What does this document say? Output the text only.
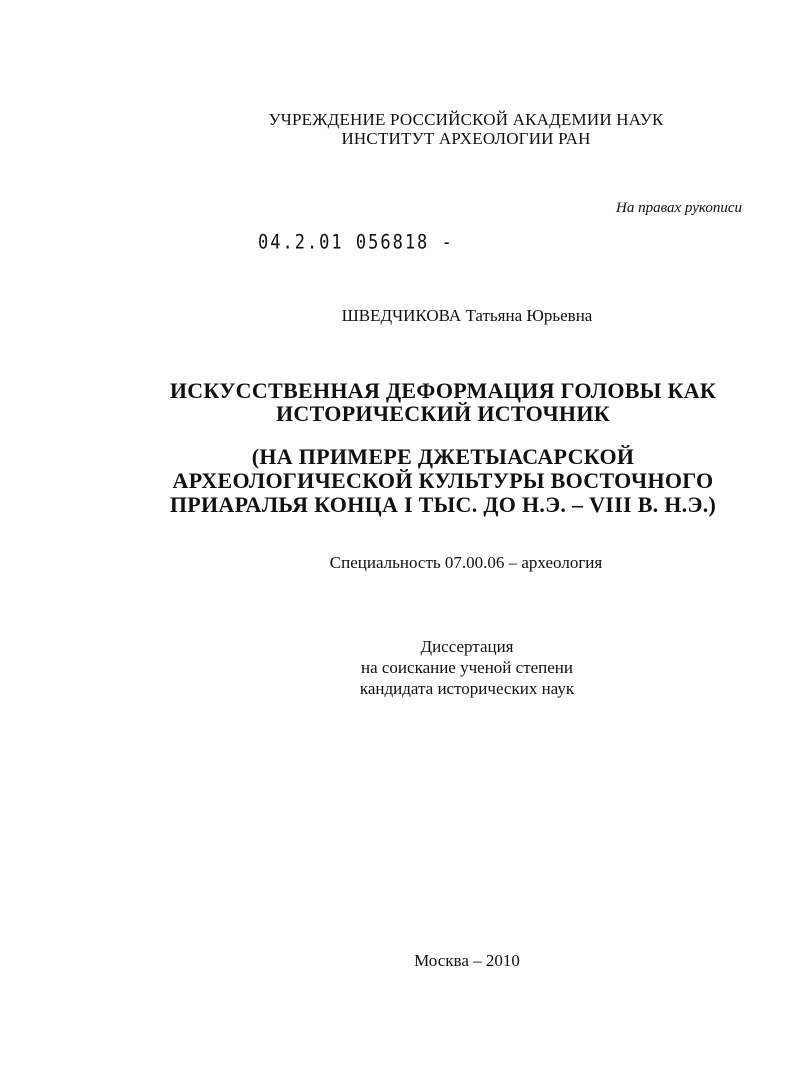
УЧРЕЖДЕНИЕ РОССИЙСКОЙ АКАДЕМИИ НАУК
ИНСТИТУТ АРХЕОЛОГИИ РАН
На правах рукописи
04.2.01 056818 -
ШВЕДЧИКОВА Татьяна Юрьевна
ИСКУССТВЕННАЯ ДЕФОРМАЦИЯ ГОЛОВЫ КАК
ИСТОРИЧЕСКИЙ ИСТОЧНИК
(НА ПРИМЕРЕ ДЖЕТЫАСАРСКОЙ
АРХЕОЛОГИЧЕСКОЙ КУЛЬТУРЫ ВОСТОЧНОГО
ПРИАРАЛЬЯ КОНЦА I ТЫС. ДО Н.Э. – VIII В. Н.Э.)
Специальность 07.00.06 – археология
Диссертация
на соискание ученой степени
кандидата исторических наук
Москва – 2010
